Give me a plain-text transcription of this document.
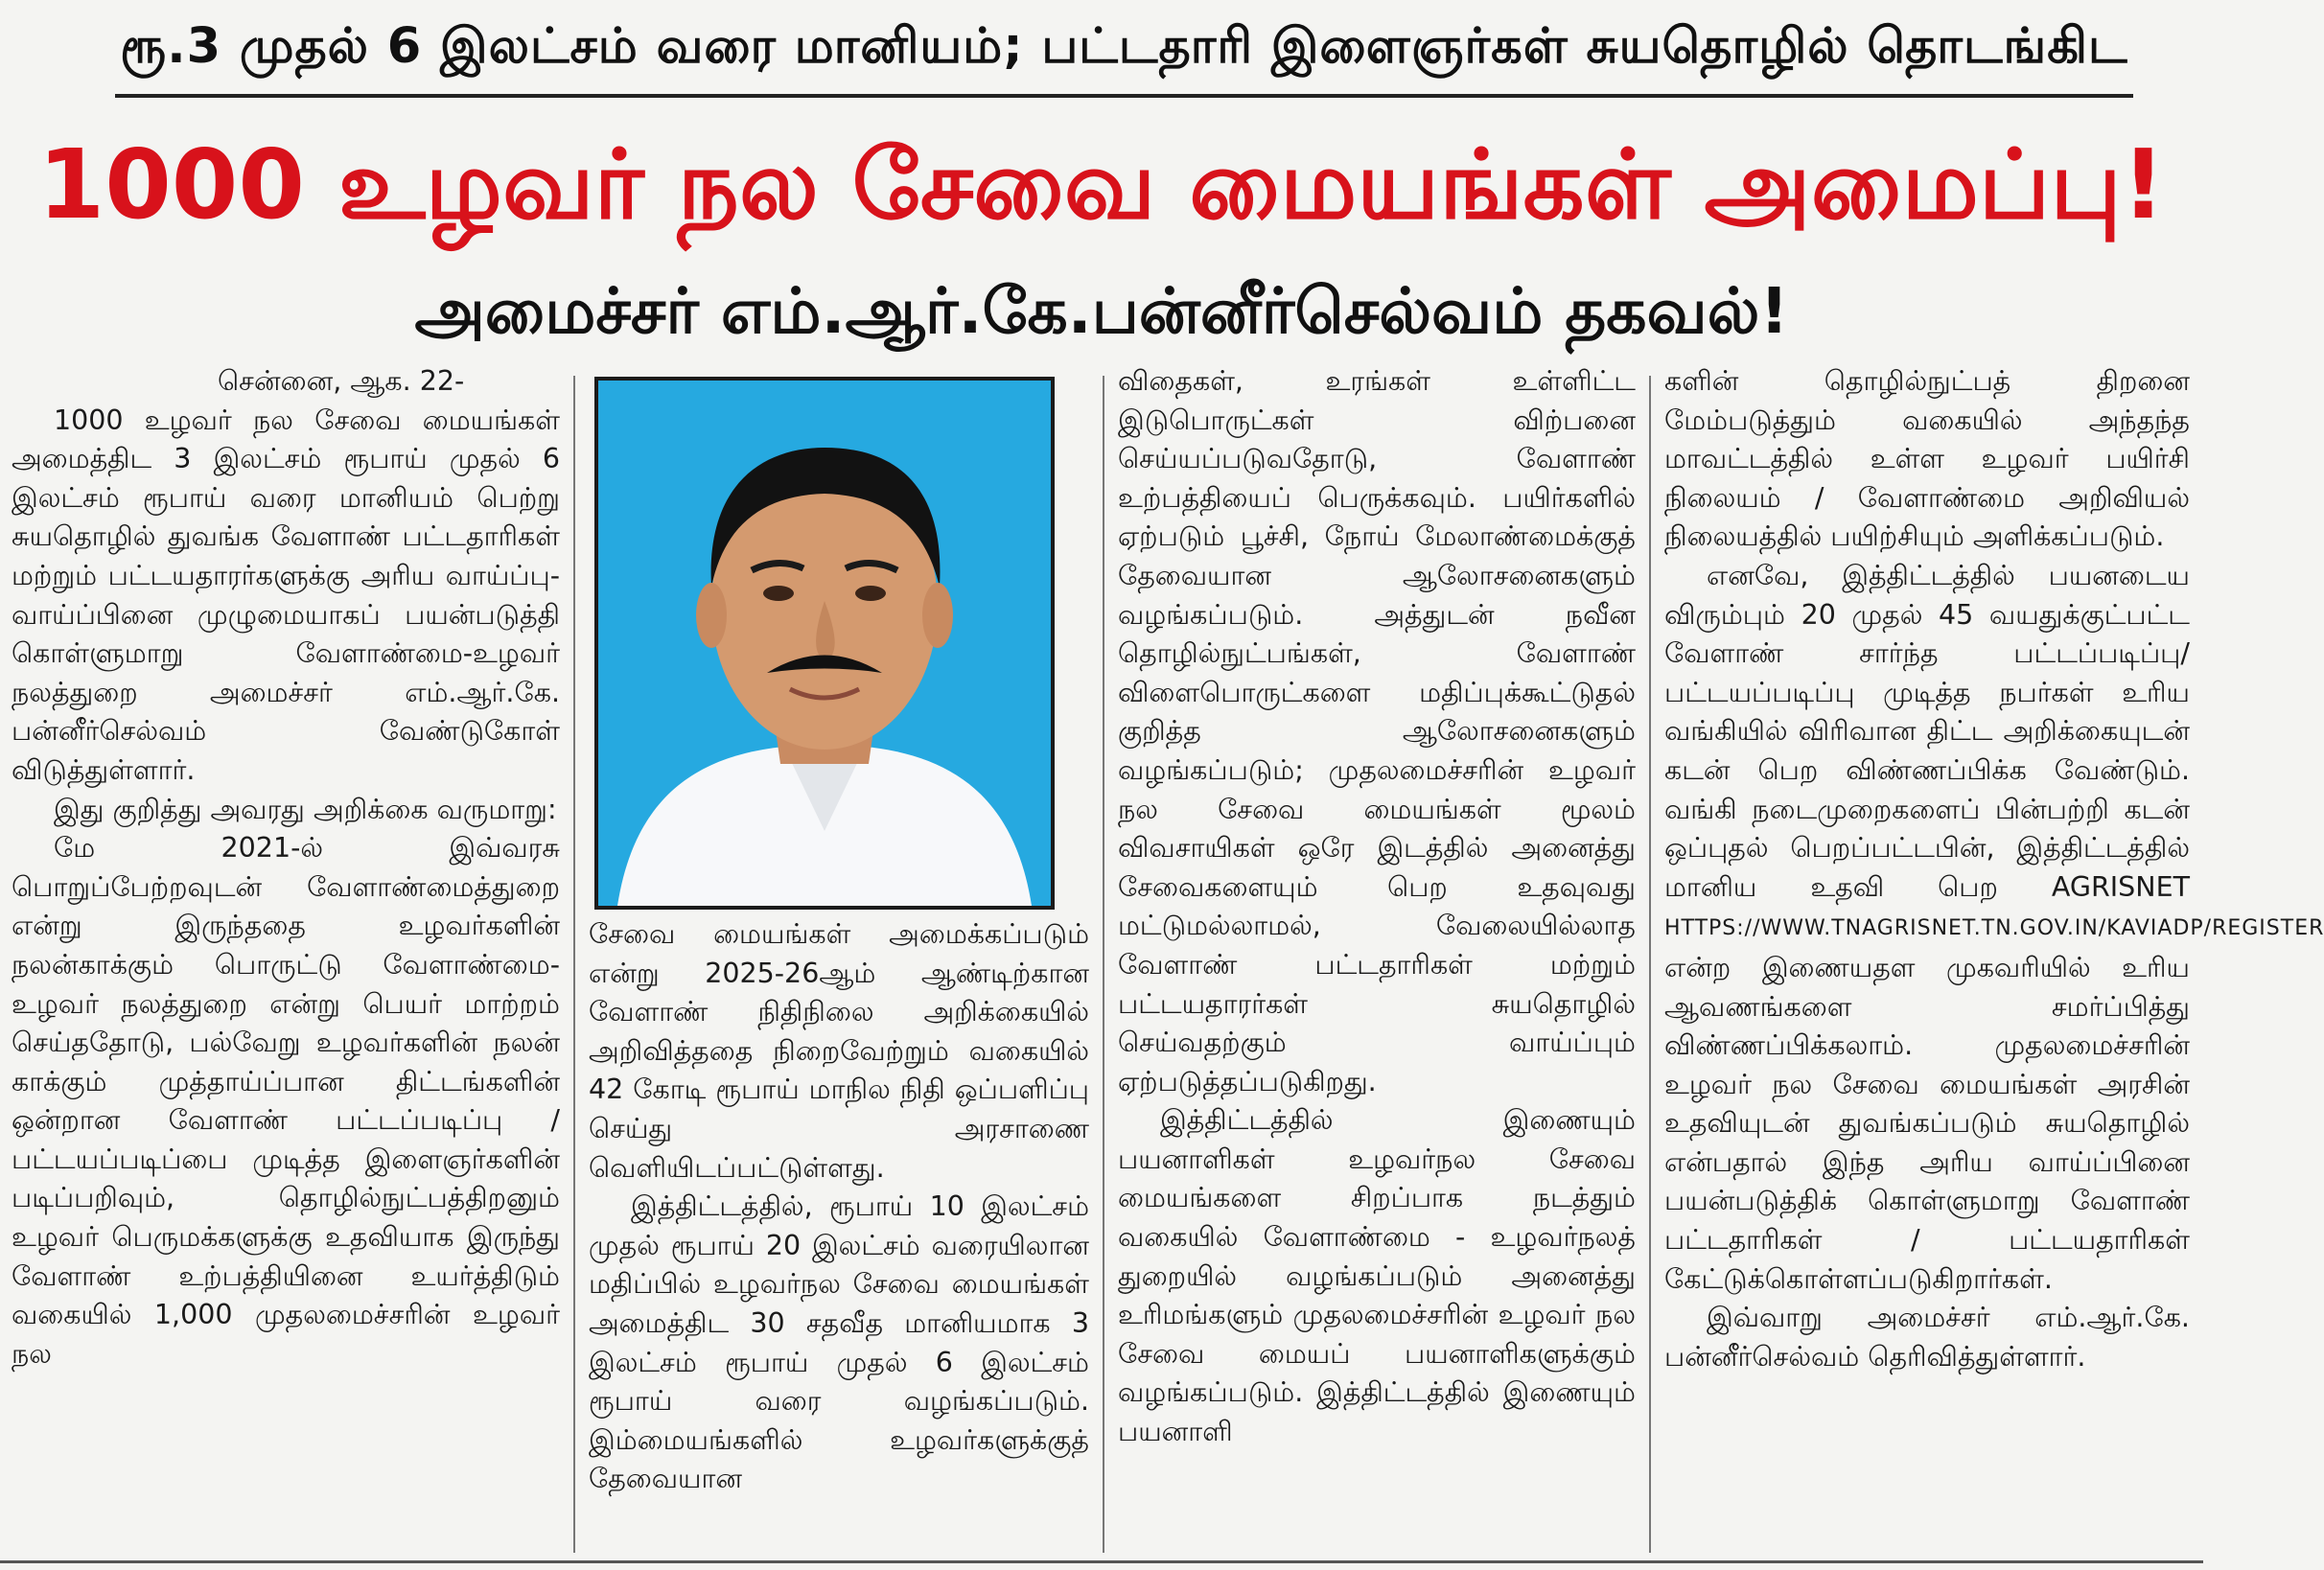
ரூ.3 முதல் 6 இலட்சம் வரை மானியம்; பட்டதாரி இளைஞர்கள் சுயதொழில் தொடங்கிட
1000 உழவர் நல சேவை மையங்கள் அமைப்பு!
அமைச்சர் எம்.ஆர்.கே.பன்னீர்செல்வம் தகவல்!

சென்னை, ஆக. 22-

1000 உழவர் நல சேவை மையங்கள் அமைத்திட 3 இலட்சம் ரூபாய் முதல் 6 இலட்சம் ரூபாய் வரை மானியம் பெற்று சுயதொழில் துவங்க வேளாண் பட்டதாரிகள் மற்றும் பட்டயதாரர்களுக்கு அரிய வாய்ப்பு-வாய்ப்பினை முழுமையாகப் பயன்படுத்தி கொள்ளுமாறு வேளாண்மை-உழவர் நலத்துறை அமைச்சர் எம்.ஆர்.கே. பன்னீர்செல்வம் வேண்டுகோள் விடுத்துள்ளார்.

இது குறித்து அவரது அறிக்கை வருமாறு:

மே 2021-ல் இவ்வரசு பொறுப்பேற்றவுடன் வேளாண்மைத்துறை என்று இருந்ததை உழவர்களின் நலன்காக்கும் பொருட்டு வேளாண்மை-உழவர் நலத்துறை என்று பெயர் மாற்றம் செய்ததோடு, பல்வேறு உழவர்களின் நலன் காக்கும் முத்தாய்ப்பான திட்டங்களின் ஒன்றான வேளாண் பட்டப்படிப்பு / பட்டயப்படிப்பை முடித்த இளைஞர்களின் படிப்பறிவும், தொழில்நுட்பத்திறனும் உழவர் பெருமக்களுக்கு உதவியாக இருந்து வேளாண் உற்பத்தியினை உயர்த்திடும் வகையில் 1,000 முதலமைச்சரின் உழவர் நல

சேவை மையங்கள் அமைக்கப்படும் என்று 2025-26ஆம் ஆண்டிற்கான வேளாண் நிதிநிலை அறிக்கையில் அறிவித்ததை நிறைவேற்றும் வகையில் 42 கோடி ரூபாய் மாநில நிதி ஒப்பளிப்பு செய்து அரசாணை வெளியிடப்பட்டுள்ளது.

இத்திட்டத்தில், ரூபாய் 10 இலட்சம் முதல் ரூபாய் 20 இலட்சம் வரையிலான மதிப்பில் உழவர்நல சேவை மையங்கள் அமைத்திட 30 சதவீத மானியமாக 3 இலட்சம் ரூபாய் முதல் 6 இலட்சம் ரூபாய் வரை வழங்கப்படும். இம்மையங்களில் உழவர்களுக்குத் தேவையான

விதைகள், உரங்கள் உள்ளிட்ட இடுபொருட்கள் விற்பனை செய்யப்படுவதோடு, வேளாண் உற்பத்தியைப் பெருக்கவும். பயிர்களில் ஏற்படும் பூச்சி, நோய் மேலாண்மைக்குத் தேவையான ஆலோசனைகளும் வழங்கப்படும். அத்துடன் நவீன தொழில்நுட்பங்கள், வேளாண் விளைபொருட்களை மதிப்புக்கூட்டுதல் குறித்த ஆலோசனைகளும் வழங்கப்படும்; முதலமைச்சரின் உழவர் நல சேவை மையங்கள் மூலம் விவசாயிகள் ஒரே இடத்தில் அனைத்து சேவைகளையும் பெற உதவுவது மட்டுமல்லாமல், வேலையில்லாத வேளாண் பட்டதாரிகள் மற்றும் பட்டயதாரர்கள் சுயதொழில் செய்வதற்கும் வாய்ப்பும் ஏற்படுத்தப்படுகிறது.

இத்திட்டத்தில் இணையும் பயனாளிகள் உழவர்நல சேவை மையங்களை சிறப்பாக நடத்தும் வகையில் வேளாண்மை - உழவர்நலத் துறையில் வழங்கப்படும் அனைத்து உரிமங்களும் முதலமைச்சரின் உழவர் நல சேவை மையப் பயனாளிகளுக்கும் வழங்கப்படும். இத்திட்டத்தில் இணையும் பயனாளி

களின் தொழில்நுட்பத் திறனை மேம்படுத்தும் வகையில் அந்தந்த மாவட்டத்தில் உள்ள உழவர் பயிர்சி நிலையம் / வேளாண்மை அறிவியல் நிலையத்தில் பயிற்சியும் அளிக்கப்படும்.

எனவே, இத்திட்டத்தில் பயனடைய விரும்பும் 20 முதல் 45 வயதுக்குட்பட்ட வேளாண் சார்ந்த பட்டப்படிப்பு/பட்டயப்படிப்பு முடித்த நபர்கள் உரிய வங்கியில் விரிவான திட்ட அறிக்கையுடன் கடன் பெற விண்ணப்பிக்க வேண்டும். வங்கி நடைமுறைகளைப் பின்பற்றி கடன் ஒப்புதல் பெறப்பட்டபின், இத்திட்டத்தில் மானிய உதவி பெற AGRISNET HTTPS://WWW.TNAGRISNET.TN.GOV.IN/KAVIADP/REGISTER என்ற இணையதள முகவரியில் உரிய ஆவணங்களை சமர்ப்பித்து விண்ணப்பிக்கலாம். முதலமைச்சரின் உழவர் நல சேவை மையங்கள் அரசின் உதவியுடன் துவங்கப்படும் சுயதொழில் என்பதால் இந்த அரிய வாய்ப்பினை பயன்படுத்திக் கொள்ளுமாறு வேளாண் பட்டதாரிகள் / பட்டயதாரிகள் கேட்டுக்கொள்ளப்படுகிறார்கள்.

இவ்வாறு அமைச்சர் எம்.ஆர்.கே. பன்னீர்செல்வம் தெரிவித்துள்ளார்.
